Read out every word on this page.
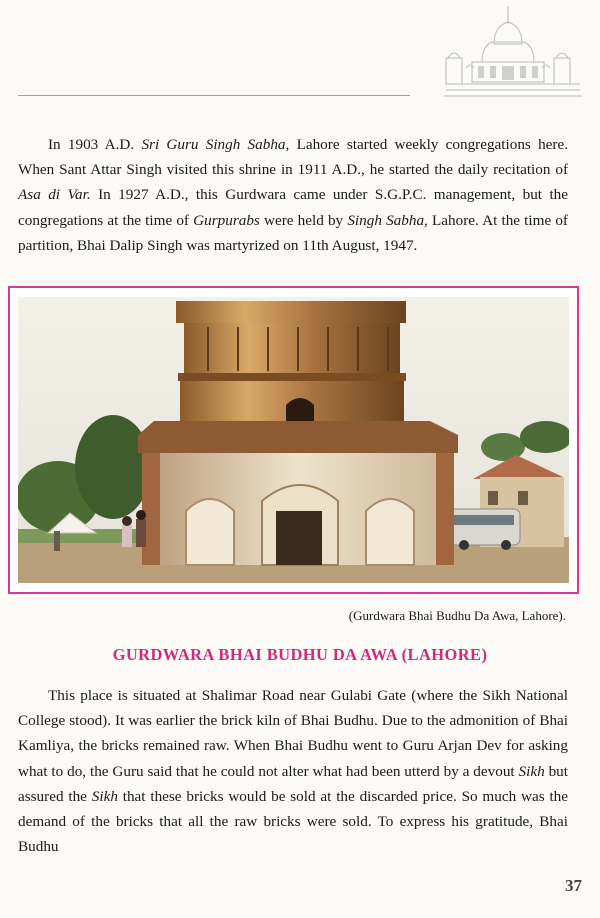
In 1903 A.D. Sri Guru Singh Sabha, Lahore started weekly congregations here. When Sant Attar Singh visited this shrine in 1911 A.D., he started the daily recitation of Asa di Var. In 1927 A.D., this Gurdwara came under S.G.P.C. management, but the congregations at the time of Gurpurabs were held by Singh Sabha, Lahore. At the time of partition, Bhai Dalip Singh was martyrized on 11th August, 1947.

(Gurdwara Bhai Budhu Da Awa, Lahore).
GURDWARA BHAI BUDHU DA AWA (LAHORE)

This place is situated at Shalimar Road near Gulabi Gate (where the Sikh National College stood). It was earlier the brick kiln of Bhai Budhu. Due to the admonition of Bhai Kamliya, the bricks remained raw. When Bhai Budhu went to Guru Arjan Dev for asking what to do, the Guru said that he could not alter what had been utterd by a devout Sikh but assured the Sikh that these bricks would be sold at the discarded price. So much was the demand of the bricks that all the raw bricks were sold. To express his gratitude, Bhai Budhu

37
